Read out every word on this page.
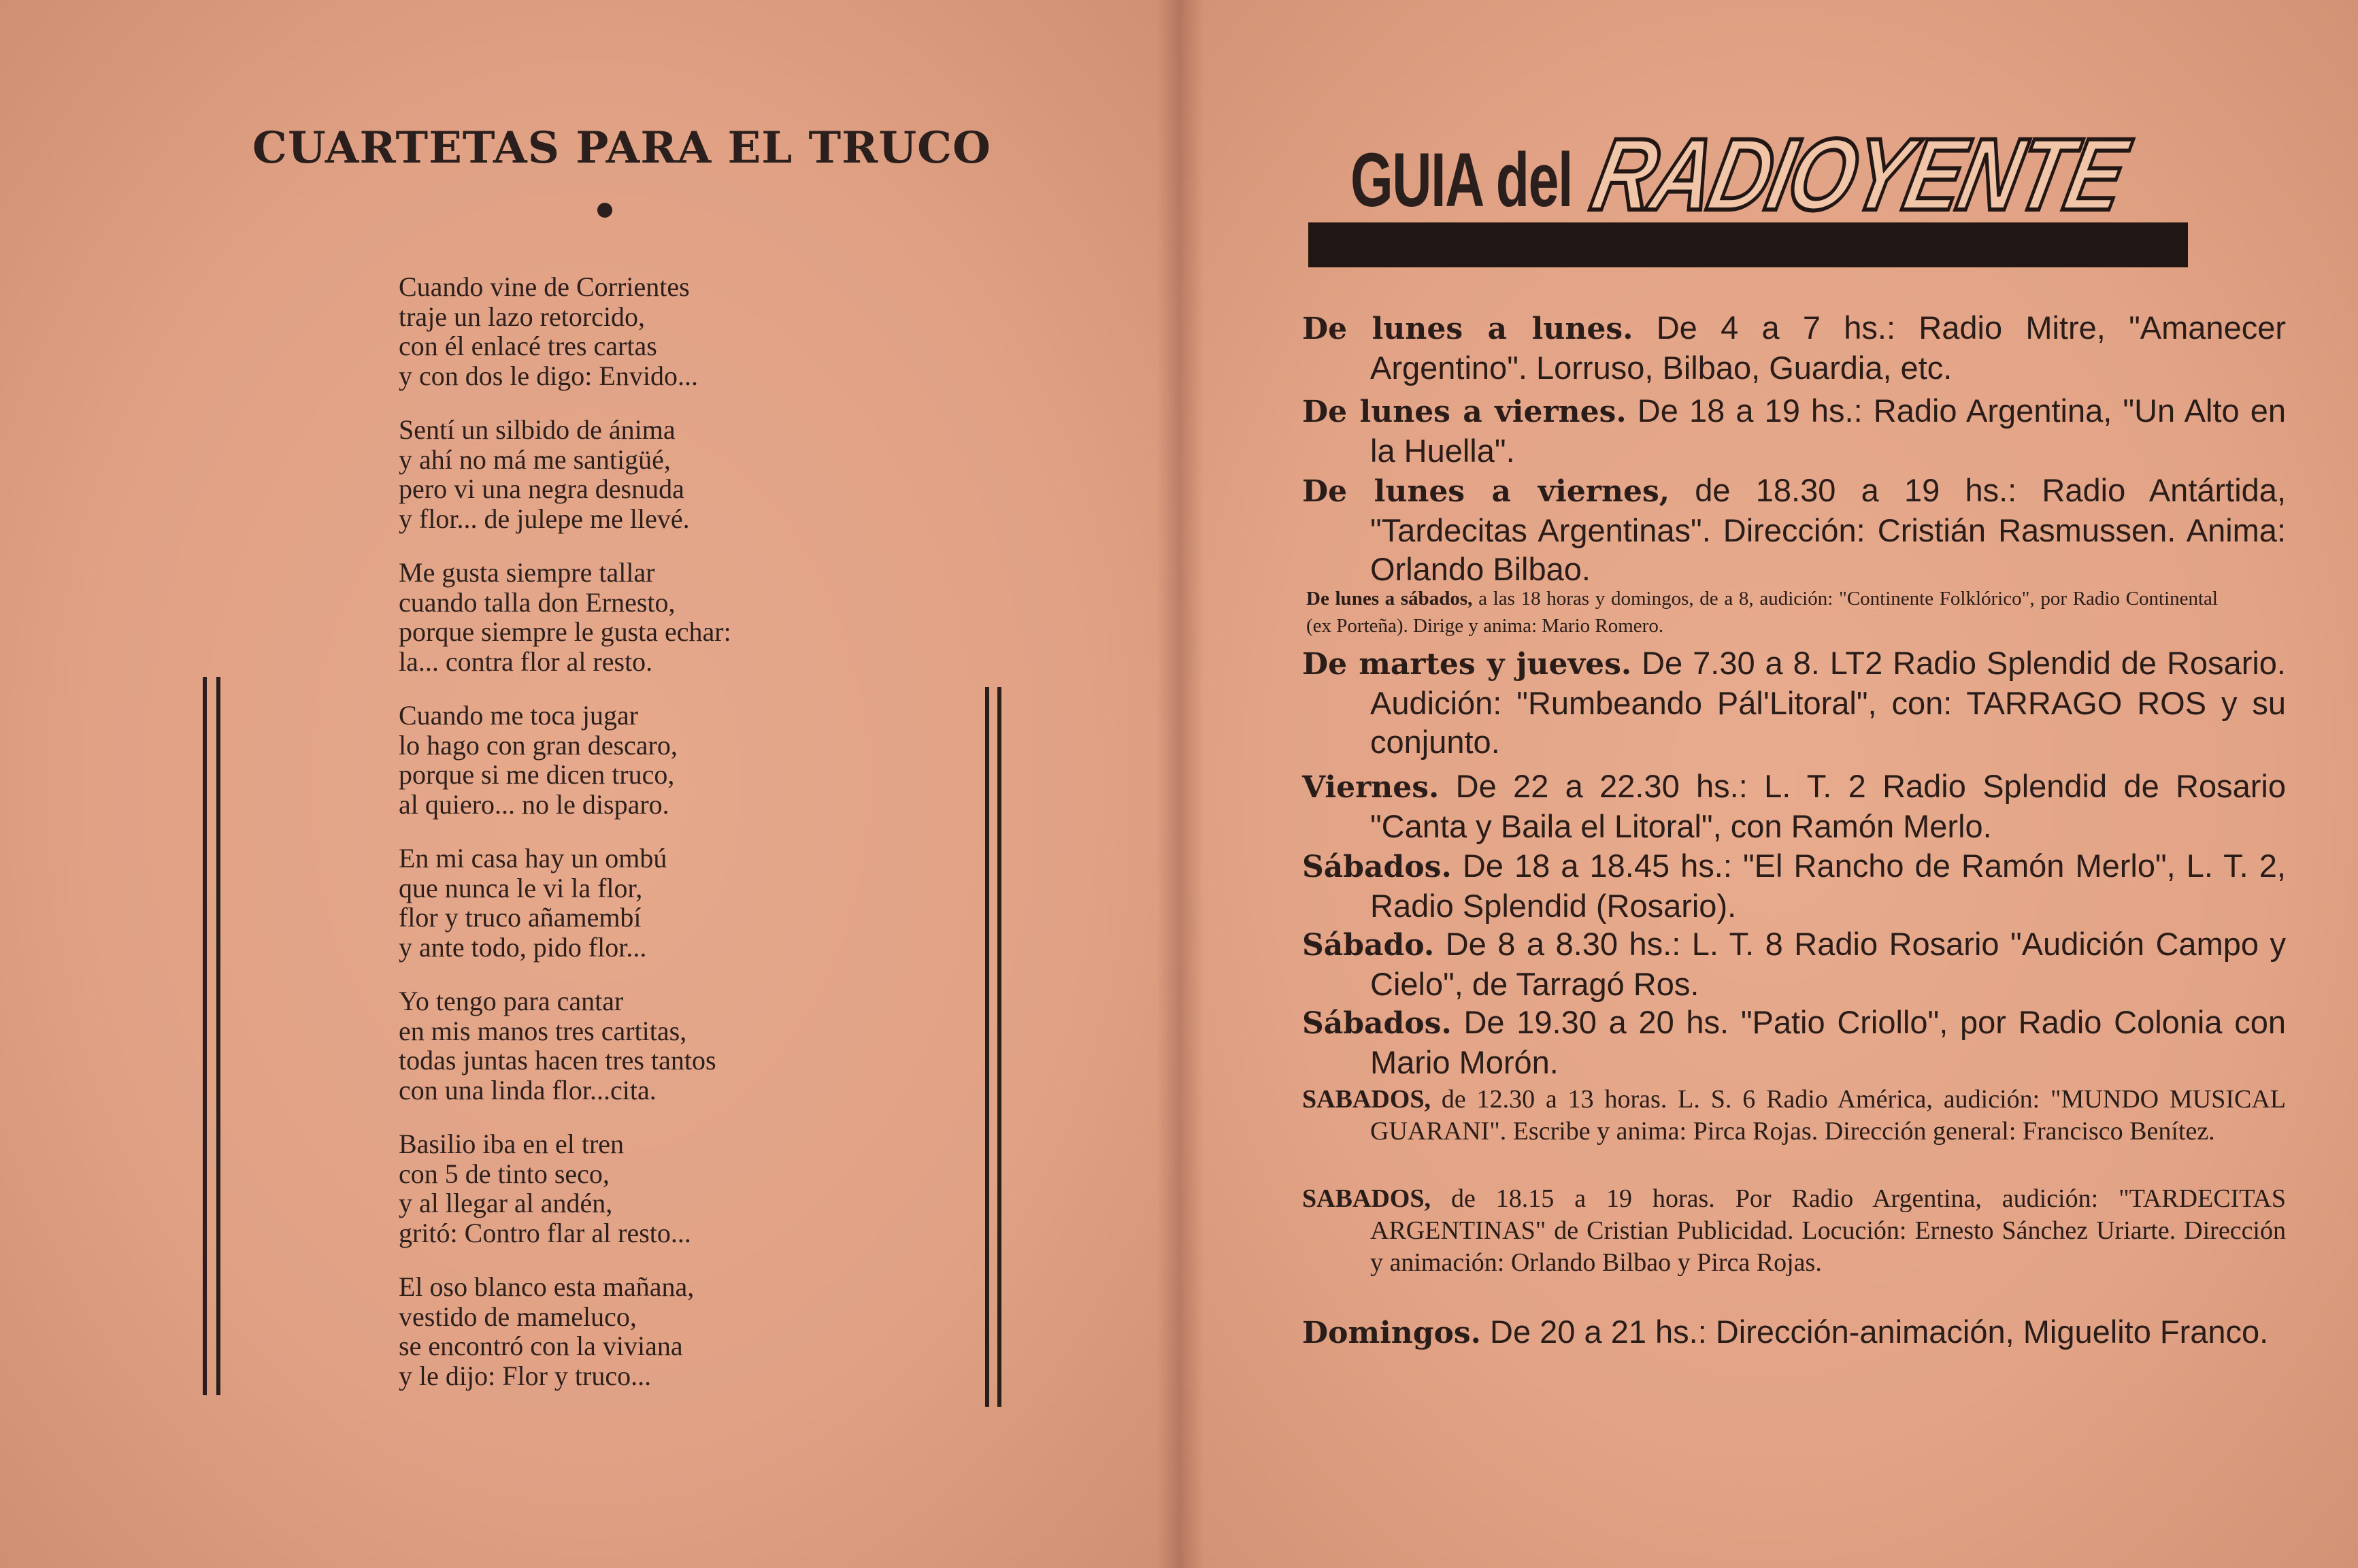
CUARTETAS PARA EL TRUCO
Cuando vine de Corrientes
traje un lazo retorcido,
con él enlacé tres cartas
y con dos le digo: Envido...
Sentí un silbido de ánima
y ahí no má me santigüé,
pero vi una negra desnuda
y flor... de julepe me llevé.
Me gusta siempre tallar
cuando talla don Ernesto,
porque siempre le gusta echar:
la... contra flor al resto.
Cuando me toca jugar
lo hago con gran descaro,
porque si me dicen truco,
al quiero... no le disparo.
En mi casa hay un ombú
que nunca le vi la flor,
flor y truco añamembí
y ante todo, pido flor...
Yo tengo para cantar
en mis manos tres cartitas,
todas juntas hacen tres tantos
con una linda flor...cita.
Basilio iba en el tren
con 5 de tinto seco,
y al llegar al andén,
gritó: Contro flar al resto...
El oso blanco esta mañana,
vestido de mameluco,
se encontró con la viviana
y le dijo: Flor y truco...
GUIA del RADIOYENTE
De lunes a lunes. De 4 a 7 hs.: Radio Mitre, "Amanecer Argentino". Lorruso, Bilbao, Guardia, etc.
De lunes a viernes. De 18 a 19 hs.: Radio Argentina, "Un Alto en la Huella".
De lunes a viernes, de 18.30 a 19 hs.: Radio Antártida, "Tardecitas Argentinas". Dirección: Cristián Rasmussen. Anima: Orlando Bilbao.
De lunes a sábados, a las 18 horas y domingos, de a 8, audición: "Continente Folklórico", por Radio Continental (ex Porteña). Dirige y anima: Mario Romero.
De martes y jueves. De 7.30 a 8. LT2 Radio Splendid de Rosario. Audición: "Rumbeando Pál'Litoral", con: TARRAGO ROS y su conjunto.
Viernes. De 22 a 22.30 hs.: L. T. 2 Radio Splendid de Rosario "Canta y Baila el Litoral", con Ramón Merlo.
Sábados. De 18 a 18.45 hs.: "El Rancho de Ramón Merlo", L. T. 2, Radio Splendid (Rosario).
Sábado. De 8 a 8.30 hs.: L. T. 8 Radio Rosario "Audición Campo y Cielo", de Tarragó Ros.
Sábados. De 19.30 a 20 hs. "Patio Criollo", por Radio Colonia con Mario Morón.
SABADOS, de 12.30 a 13 horas. L. S. 6 Radio América, audición: "MUNDO MUSICAL GUARANI". Escribe y anima: Pirca Rojas. Dirección general: Francisco Benítez.
SABADOS, de 18.15 a 19 horas. Por Radio Argentina, audición: "TARDECITAS ARGENTINAS" de Cristian Publicidad. Locución: Ernesto Sánchez Uriarte. Dirección y animación: Orlando Bilbao y Pirca Rojas.
Domingos. De 20 a 21 hs.: Dirección-animación, Miguelito Franco.
